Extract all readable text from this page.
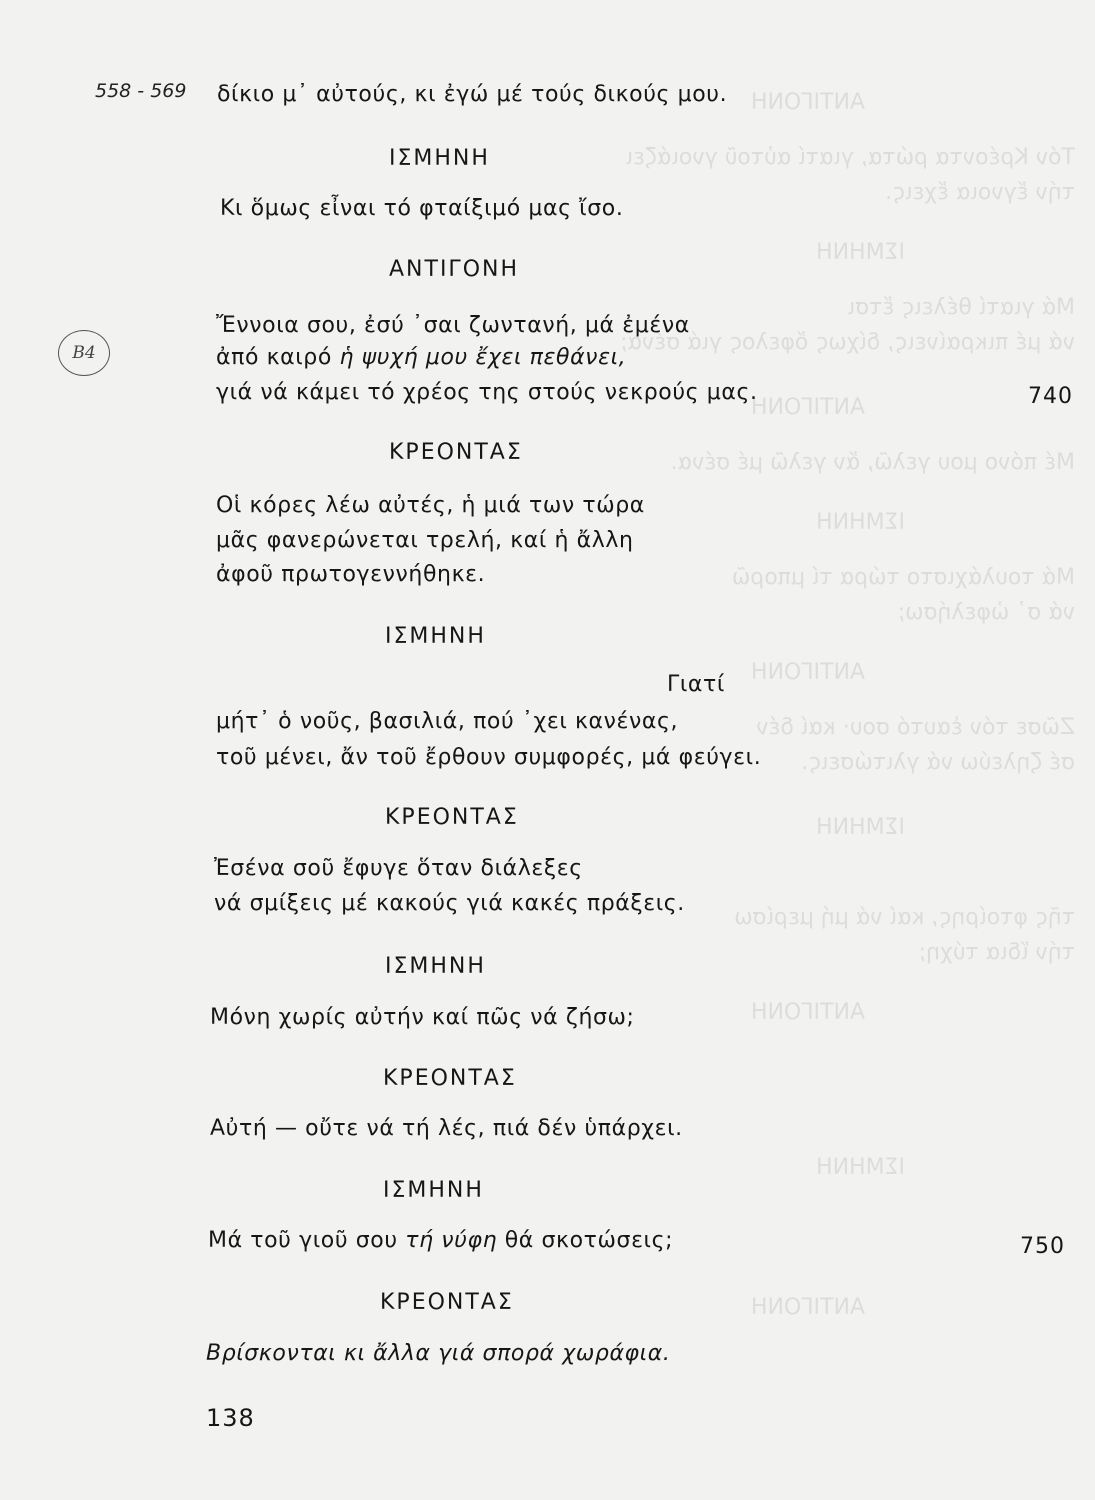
ΑΝΤΙΓΟΝΗ
Τόν Κρέοντα ρώτα, γιατί αὐτοῦ γνοιάζει
τήν ἔγνοια ἔχεις.
ΙΣΜΗΝΗ
Μά γιατί θέλεις ἔτσι
νά μέ πικραίνεις, δίχως ὄφελος γιά σένα;
ΑΝΤΙΓΟΝΗ
Μέ πόνο μου γελῶ, ἄν γελῶ μέ σένα.
ΙΣΜΗΝΗ
Μά τουλάχιστο τώρα τί μπορῶ
νά σ᾽ ὠφελήσω;
ΑΝΤΙΓΟΝΗ
Ζῶσε τόν ἑαυτό σου· καί δέν
σέ ζηλεύω νά γλιτώσεις.
ΙΣΜΗΝΗ
τῆς φτοίρης, καί νά μή μερίσω
τήν ἴδια τύχη;
ΑΝΤΙΓΟΝΗ
ΙΣΜΗΝΗ
ΑΝΤΙΓΟΝΗ
B4
558 - 569 δίκιο μ᾽ αὐτούς, κι ἐγώ μέ τούς δικούς μου.
ΙΣΜΗΝΗ
Κι ὅμως εἶναι τό φταίξιμό μας ἴσο.
ΑΝΤΙΓΟΝΗ
Ἔννοια σου, ἐσύ ᾽σαι ζωντανή, μά ἐμένα
ἀπό καιρό ἡ ψυχή μου ἔχει πεθάνει,
γιά νά κάμει τό χρέος της στούς νεκρούς μας.	740
ΚΡΕΟΝΤΑΣ
Οἱ κόρες λέω αὐτές, ἡ μιά των τώρα
μᾶς φανερώνεται τρελή, καί ἡ ἄλλη
ἀφοῦ πρωτογεννήθηκε.
ΙΣΜΗΝΗ
Γιατί
μήτ᾽ ὁ νοῦς, βασιλιά, πού ᾽χει κανένας,
τοῦ μένει, ἄν τοῦ ἔρθουν συμφορές, μά φεύγει.
ΚΡΕΟΝΤΑΣ
Ἐσένα σοῦ ἔφυγε ὅταν διάλεξες
νά σμίξεις μέ κακούς γιά κακές πράξεις.
ΙΣΜΗΝΗ
Μόνη χωρίς αὐτήν καί πῶς νά ζήσω;
ΚΡΕΟΝΤΑΣ
Αὐτή — οὔτε νά τή λές, πιά δέν ὑπάρχει.
ΙΣΜΗΝΗ
Μά τοῦ γιοῦ σου τή νύφη θά σκοτώσεις;	750
ΚΡΕΟΝΤΑΣ
Βρίσκονται κι ἄλλα γιά σπορά χωράφια.
138
